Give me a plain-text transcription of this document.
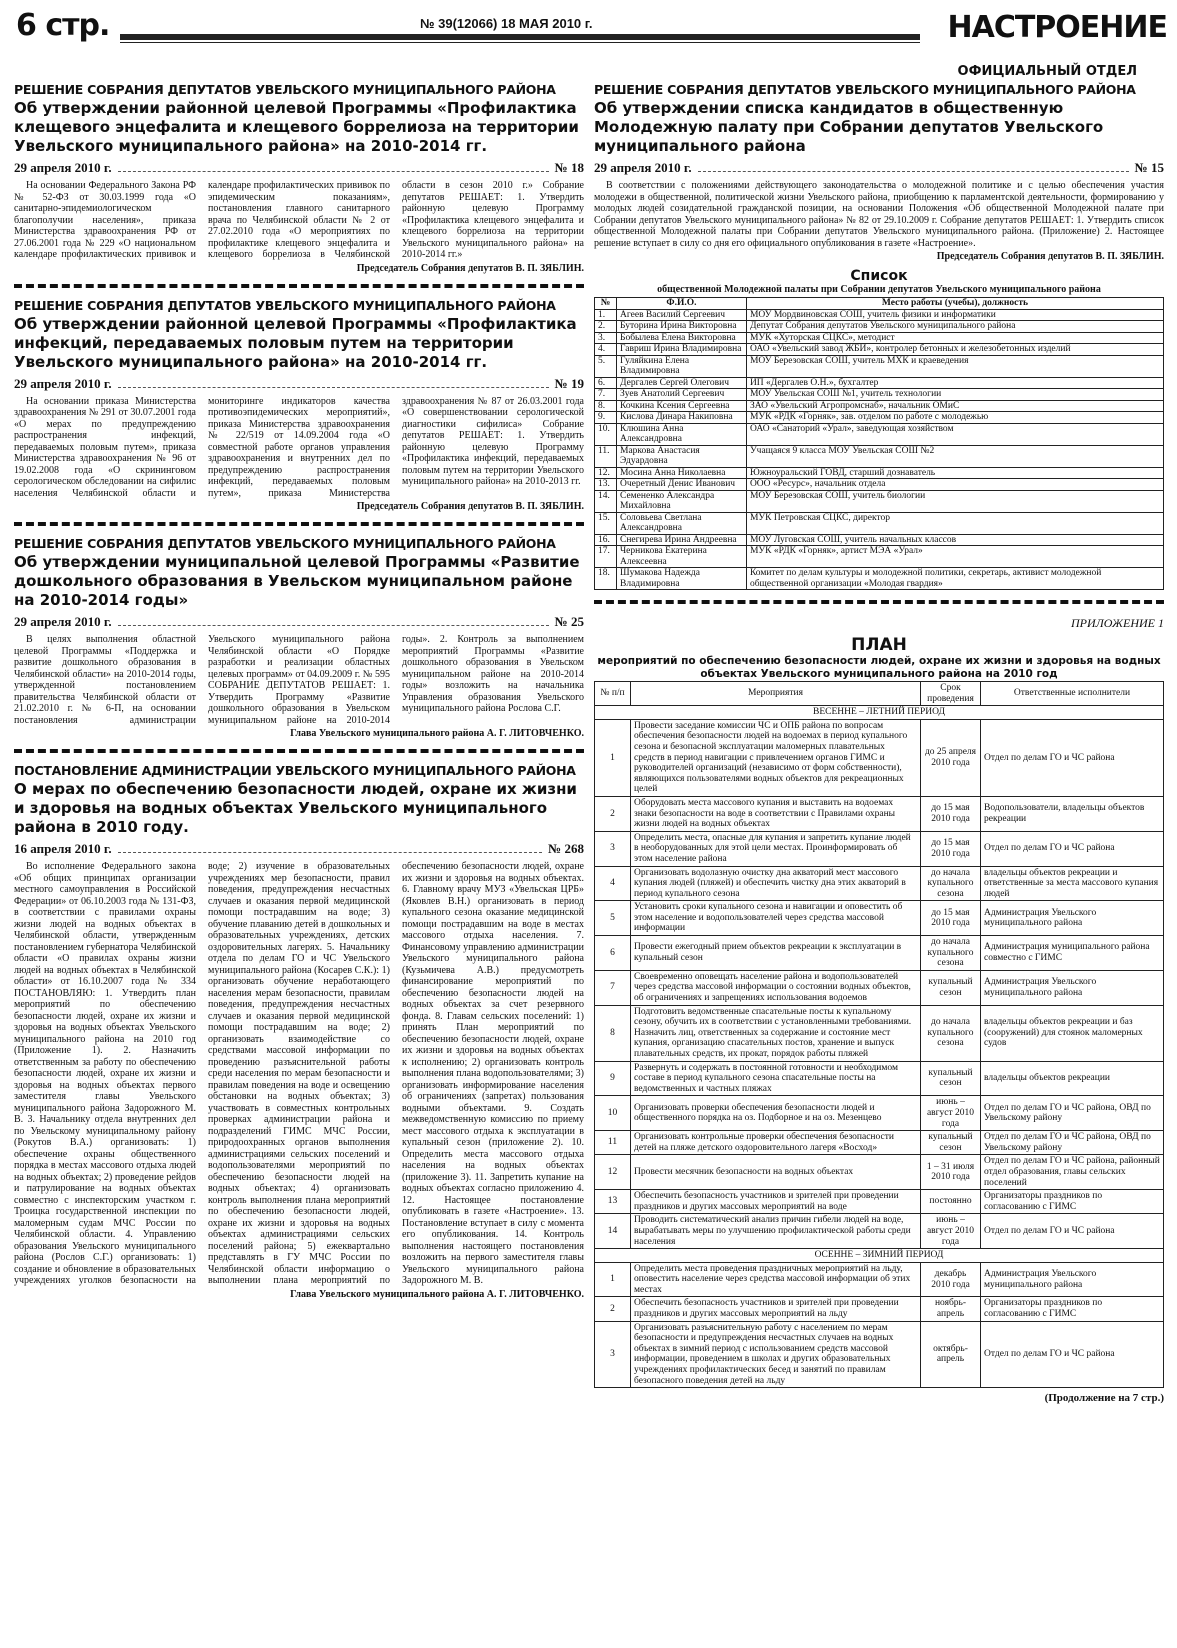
6 стр.	№ 39(12066) 18 МАЯ 2010 г.	НАСТРОЕНИЕ
ОФИЦИАЛЬНЫЙ ОТДЕЛ
РЕШЕНИЕ СОБРАНИЯ ДЕПУТАТОВ УВЕЛЬСКОГО МУНИЦИПАЛЬНОГО РАЙОНА
Об утверждении районной целевой Программы «Профилактика клещевого энцефалита и клещевого боррелиоза на территории Увельского муниципального района» на 2010-2014 гг.
29 апреля 2010 г.	№ 18

На основании Федерального Закона РФ № 52-ФЗ от 30.03.1999 года «О санитарно-эпидемиологическом благополучии населения», приказа Министерства здравоохранения РФ от 27.06.2001 года № 229 «О национальном календаре профилактических прививок и календаре профилактических прививок по эпидемическим показаниям», постановления главного санитарного врача по Челябинской области № 2 от 27.02.2010 года «О мероприятиях по профилактике клещевого энцефалита и клещевого боррелиоза в Челябинской области в сезон 2010 г.» Собрание депутатов РЕШАЕТ: 1. Утвердить районную целевую Программу «Профилактика клещевого энцефалита и клещевого боррелиоза на территории Увельского муниципального района» на 2010-2014 гг.»

Председатель Собрания депутатов В. П. ЗЯБЛИН.
РЕШЕНИЕ СОБРАНИЯ ДЕПУТАТОВ УВЕЛЬСКОГО МУНИЦИПАЛЬНОГО РАЙОНА
Об утверждении районной целевой Программы «Профилактика инфекций, передаваемых половым путем на территории Увельского муниципального района» на 2010-2014 гг.
29 апреля 2010 г.	№ 19

На основании приказа Министерства здравоохранения № 291 от 30.07.2001 года «О мерах по предупреждению распространения инфекций, передаваемых половым путем», приказа Министерства здравоохранения № 96 от 19.02.2008 года «О скрининговом серологическом обследовании на сифилис населения Челябинской области и мониторинге индикаторов качества противоэпидемических мероприятий», приказа Министерства здравоохранения № 22/519 от 14.09.2004 года «О совместной работе органов управления здравоохранения и внутренних дел по предупреждению распространения инфекций, передаваемых половым путем», приказа Министерства здравоохранения № 87 от 26.03.2001 года «О совершенствовании серологической диагностики сифилиса» Собрание депутатов РЕШАЕТ: 1. Утвердить районную целевую Программу «Профилактика инфекций, передаваемых половым путем на территории Увельского муниципального района» на 2010-2013 гг.

Председатель Собрания депутатов В. П. ЗЯБЛИН.
РЕШЕНИЕ СОБРАНИЯ ДЕПУТАТОВ УВЕЛЬСКОГО МУНИЦИПАЛЬНОГО РАЙОНА
Об утверждении муниципальной целевой Программы «Развитие дошкольного образования в Увельском муниципальном районе на 2010-2014 годы»
29 апреля 2010 г.	№ 25

В целях выполнения областной целевой Программы «Поддержка и развитие дошкольного образования в Челябинской области» на 2010-2014 годы, утвержденной постановлением правительства Челябинской области от 21.02.2010 г. № 6-П, на основании постановления администрации Увельского муниципального района Челябинской области «О Порядке разработки и реализации областных целевых программ» от 04.09.2009 г. № 595 СОБРАНИЕ ДЕПУТАТОВ РЕШАЕТ: 1. Утвердить Программу «Развитие дошкольного образования в Увельском муниципальном районе на 2010-2014 годы». 2. Контроль за выполнением мероприятий Программы «Развитие дошкольного образования в Увельском муниципальном районе на 2010-2014 годы» возложить на начальника Управления образования Увельского муниципального района Рослова С.Г.

Глава Увельского муниципального района А. Г. ЛИТОВЧЕНКО.
ПОСТАНОВЛЕНИЕ АДМИНИСТРАЦИИ УВЕЛЬСКОГО МУНИЦИПАЛЬНОГО РАЙОНА
О мерах по обеспечению безопасности людей, охране их жизни и здоровья на водных объектах Увельского муниципального района в 2010 году.
16 апреля 2010 г.	№ 268

Во исполнение Федерального закона «Об общих принципах организации местного самоуправления в Российской Федерации» от 06.10.2003 года № 131-ФЗ, в соответствии с правилами охраны жизни людей на водных объектах в Челябинской области, утвержденным постановлением губернатора Челябинской области «О правилах охраны жизни людей на водных объектах в Челябинской области» от 16.10.2007 года № 334 ПОСТАНОВЛЯЮ: 1. Утвердить план мероприятий по обеспечению безопасности людей, охране их жизни и здоровья на водных объектах Увельского муниципального района на 2010 год (Приложение 1). 2. Назначить ответственным за работу по обеспечению безопасности людей, охране их жизни и здоровья на водных объектах первого заместителя главы Увельского муниципального района Задорожного М. В. 3. Начальнику отдела внутренних дел по Увельскому муниципальному району (Рокутов В.А.) организовать: 1) обеспечение охраны общественного порядка в местах массового отдыха людей на водных объектах; 2) проведение рейдов и патрулирование на водных объектах совместно с инспекторским участком г. Троицка государственной инспекции по маломерным судам МЧС России по Челябинской области. 4. Управлению образования Увельского муниципального района (Рослов С.Г.) организовать: 1) создание и обновление в образовательных учреждениях уголков безопасности на воде; 2) изучение в образовательных учреждениях мер безопасности, правил поведения, предупреждения несчастных случаев и оказания первой медицинской помощи пострадавшим на воде; 3) обучение плаванию детей в дошкольных и образовательных учреждениях, детских оздоровительных лагерях. 5. Начальнику отдела по делам ГО и ЧС Увельского муниципального района (Косарев С.К.): 1) организовать обучение неработающего населения мерам безопасности, правилам поведения, предупреждения несчастных случаев и оказания первой медицинской помощи пострадавшим на воде; 2) организовать взаимодействие со средствами массовой информации по проведению разъяснительной работы среди населения по мерам безопасности и правилам поведения на воде и освещению обстановки на водных объектах; 3) участвовать в совместных контрольных проверках администрации района и подразделений ГИМС МЧС России, природоохранных органов выполнения администрациями сельских поселений и водопользователями мероприятий по обеспечению безопасности людей на водных объектах; 4) организовать контроль выполнения плана мероприятий по обеспечению безопасности людей, охране их жизни и здоровья на водных объектах администрациями сельских поселений района; 5) ежеквартально представлять в ГУ МЧС России по Челябинской области информацию о выполнении плана мероприятий по обеспечению безопасности людей, охране их жизни и здоровья на водных объектах. 6. Главному врачу МУЗ «Увельская ЦРБ» (Яковлев В.Н.) организовать в период купального сезона оказание медицинской помощи пострадавшим на воде в местах массового отдыха населения. 7. Финансовому управлению администрации Увельского муниципального района (Кузьмичева А.В.) предусмотреть финансирование мероприятий по обеспечению безопасности людей на водных объектах за счет резервного фонда. 8. Главам сельских поселений: 1) принять План мероприятий по обеспечению безопасности людей, охране их жизни и здоровья на водных объектах к исполнению; 2) организовать контроль выполнения плана водопользователями; 3) организовать информирование населения об ограничениях (запретах) пользования водными объектами. 9. Создать межведомственную комиссию по приему мест массового отдыха к эксплуатации в купальный сезон (приложение 2). 10. Определить места массового отдыха населения на водных объектах (приложение 3). 11. Запретить купание на водных объектах согласно приложению 4. 12. Настоящее постановление опубликовать в газете «Настроение». 13. Постановление вступает в силу с момента его опубликования. 14. Контроль выполнения настоящего постановления возложить на первого заместителя главы Увельского муниципального района Задорожного М. В.

Глава Увельского муниципального района А. Г. ЛИТОВЧЕНКО.
РЕШЕНИЕ СОБРАНИЯ ДЕПУТАТОВ УВЕЛЬСКОГО МУНИЦИПАЛЬНОГО РАЙОНА
Об утверждении списка кандидатов в общественную Молодежную палату при Собрании депутатов Увельского муниципального района
29 апреля 2010 г.	№ 15

В соответствии с положениями действующего законодательства о молодежной политике и с целью обеспечения участия молодежи в общественной, политической жизни Увельского района, приобщению к парламентской деятельности, формированию у молодых людей созидательной гражданской позиции, на основании Положения «Об общественной Молодежной палате при Собрании депутатов Увельского муниципального района» № 82 от 29.10.2009 г. Собрание депутатов РЕШАЕТ: 1. Утвердить список общественной Молодежной палаты при Собрании депутатов Увельского муниципального района. (Приложение) 2. Настоящее решение вступает в силу со дня его официального опубликования в газете «Настроение».

Председатель Собрания депутатов В. П. ЗЯБЛИН.
Список
общественной Молодежной палаты при Собрании депутатов Увельского муниципального района
№	Ф.И.О.	Место работы (учебы), должность
1.	Агеев Василий Сергеевич	МОУ Мордвиновская СОШ, учитель физики и информатики
2.	Буторина Ирина Викторовна	Депутат Собрания депутатов Увельского муниципального района
3.	Бобылева Елена Викторовна	МУК «Хуторская СЦКС», методист
4.	Гавриш Ирина Владимировна	ОАО «Увельский завод ЖБИ», контролер бетонных и железобетонных изделий
5.	Гуляйкина Елена Владимировна	МОУ Березовская СОШ, учитель МХК и краеведения
6.	Дергалев Сергей Олегович	ИП «Дергалев О.Н.», бухгалтер
7.	Зуев Анатолий Сергеевич	МОУ Увельская СОШ №1, учитель технологии
8.	Кочкина Ксения Сергеевна	ЗАО «Увельский Агропромснаб», начальник ОМиС
9.	Кислова Динара Накиповна	МУК «РДК «Горняк», зав. отделом по работе с молодежью
10.	Клюшина Анна Александровна	ОАО «Санаторий «Урал», заведующая хозяйством
11.	Маркова Анастасия Эдуардовна	Учащаяся 9 класса МОУ Увельская СОШ №2
12.	Мосина Анна Николаевна	Южноуральский ГОВД, старший дознаватель
13.	Очеретный Денис Иванович	ООО «Ресурс», начальник отдела
14.	Семененко Александра Михайловна	МОУ Березовская СОШ, учитель биологии
15.	Соловьева Светлана Александровна	МУК Петровская СЦКС, директор
16.	Снегирева Ирина Андреевна	МОУ Луговская СОШ, учитель начальных классов
17.	Черникова Екатерина Алексеевна	МУК «РДК «Горняк», артист МЭА «Урал»
18.	Шумакова Надежда Владимировна	Комитет по делам культуры и молодежной политики, секретарь, активист молодежной общественной организации «Молодая гвардия»
ПРИЛОЖЕНИЕ 1
ПЛАН
мероприятий по обеспечению безопасности людей, охране их жизни и здоровья на водных объектах Увельского муниципального района на 2010 год
№ п/п	Мероприятия	Срок проведения	Ответственные исполнители
ВЕСЕННЕ – ЛЕТНИЙ ПЕРИОД			
1	Провести заседание комиссии ЧС и ОПБ района по вопросам обеспечения безопасности людей на водоемах в период купального сезона и безопасной эксплуатации маломерных плавательных средств в период навигации с привлечением органов ГИМС и руководителей организаций (независимо от форм собственности), являющихся пользователями водных объектов для рекреационных целей	до 25 апреля 2010 года	Отдел по делам ГО и ЧС района
2	Оборудовать места массового купания и выставить на водоемах знаки безопасности на воде в соответствии с Правилами охраны жизни людей на водных объектах	до 15 мая 2010 года	Водопользователи, владельцы объектов рекреации
3	Определить места, опасные для купания и запретить купание людей в необорудованных для этой цели местах. Проинформировать об этом население района	до 15 мая 2010 года	Отдел по делам ГО и ЧС района
4	Организовать водолазную очистку дна акваторий мест массового купания людей (пляжей) и обеспечить чистку дна этих акваторий в период купального сезона	до начала купального сезона	владельцы объектов рекреации и ответственные за места массового купания людей
5	Установить сроки купального сезона и навигации и оповестить об этом население и водопользователей через средства массовой информации	до 15 мая 2010 года	Администрация Увельского муниципального района
6	Провести ежегодный прием объектов рекреации к эксплуатации в купальный сезон	до начала купального сезона	Администрация муниципального района совместно с ГИМС
7	Своевременно оповещать население района и водопользователей через средства массовой информации о состоянии водных объектов, об ограничениях и запрещениях использования водоемов	купальный сезон	Администрация Увельского муниципального района
8	Подготовить ведомственные спасательные посты к купальному сезону, обучить их в соответствии с установленными требованиями. Назначить лиц, ответственных за содержание и состояние мест купания, организацию спасательных постов, хранение и выпуск плавательных средств, их прокат, порядок работы пляжей	до начала купального сезона	владельцы объектов рекреации и баз (сооружений) для стоянок маломерных судов
9	Развернуть и содержать в постоянной готовности и необходимом составе в период купального сезона спасательные посты на ведомственных и частных пляжах	купальный сезон	владельцы объектов рекреации
10	Организовать проверки обеспечения безопасности людей и общественного порядка на оз. Подборное и на оз. Мезенцево	июнь – август 2010 года	Отдел по делам ГО и ЧС района, ОВД по Увельскому району
11	Организовать контрольные проверки обеспечения безопасности детей на пляже детского оздоровительного лагеря «Восход»	купальный сезон	Отдел по делам ГО и ЧС района, ОВД по Увельскому району
12	Провести месячник безопасности на водных объектах	1 – 31 июля 2010 года	Отдел по делам ГО и ЧС района, районный отдел образования, главы сельских поселений
13	Обеспечить безопасность участников и зрителей при проведении праздников и других массовых мероприятий на воде	постоянно	Организаторы праздников по согласованию с ГИМС
14	Проводить систематический анализ причин гибели людей на воде, вырабатывать меры по улучшению профилактической работы среди населения	июнь – август 2010 года	Отдел по делам ГО и ЧС района
ОСЕННЕ – ЗИМНИЙ ПЕРИОД			
1	Определить места проведения праздничных мероприятий на льду, оповестить население через средства массовой информации об этих местах	декабрь 2010 года	Администрация Увельского муниципального района
2	Обеспечить безопасность участников и зрителей при проведении праздников и других массовых мероприятий на льду	ноябрь-апрель	Организаторы праздников по согласованию с ГИМС
3	Организовать разъяснительную работу с населением по мерам безопасности и предупреждения несчастных случаев на водных объектах в зимний период с использованием средств массовой информации, проведением в школах и других образовательных учреждениях профилактических бесед и занятий по правилам безопасного поведения детей на льду	октябрь-апрель	Отдел по делам ГО и ЧС района
(Продолжение на 7 стр.)
